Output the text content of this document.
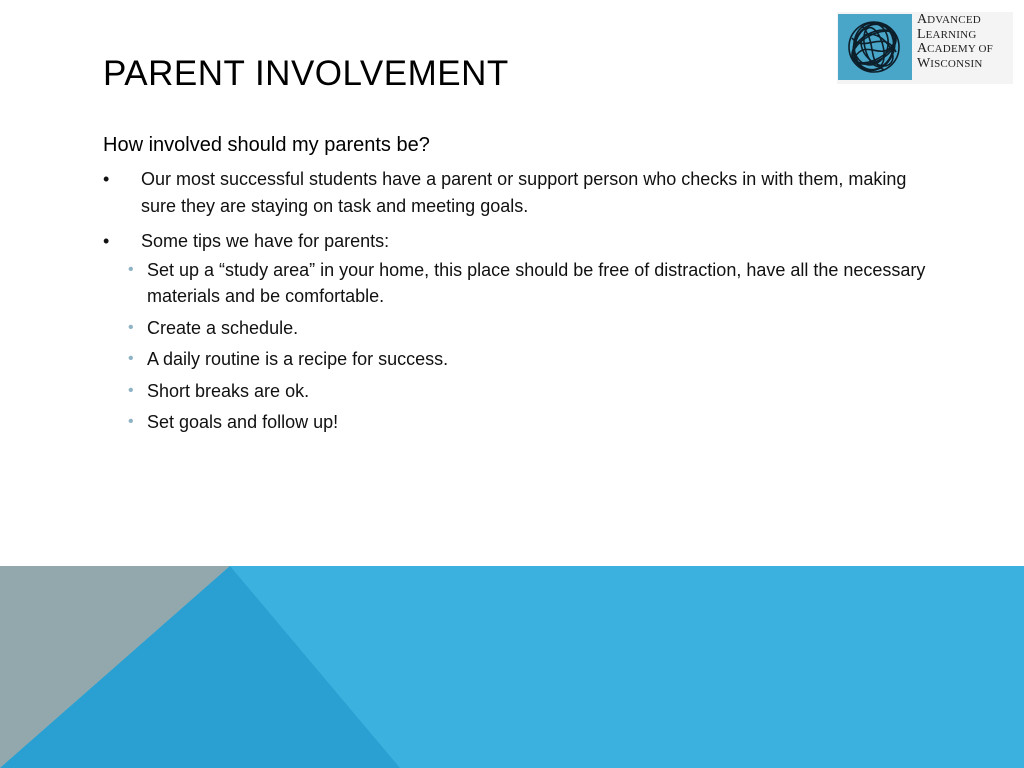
PARENT INVOLVEMENT
ADVANCED
LEARNING
ACADEMY OF
WISCONSIN
How involved should my parents be?
• Our most successful students have a parent or support person who checks in with them, making sure they are staying on task and meeting goals.
• Some tips we have for parents:
• Set up a “study area” in your home, this place should be free of distraction, have all the necessary materials and be comfortable.
• Create a schedule.
• A daily routine is a recipe for success.
• Short breaks are ok.
• Set goals and follow up!
